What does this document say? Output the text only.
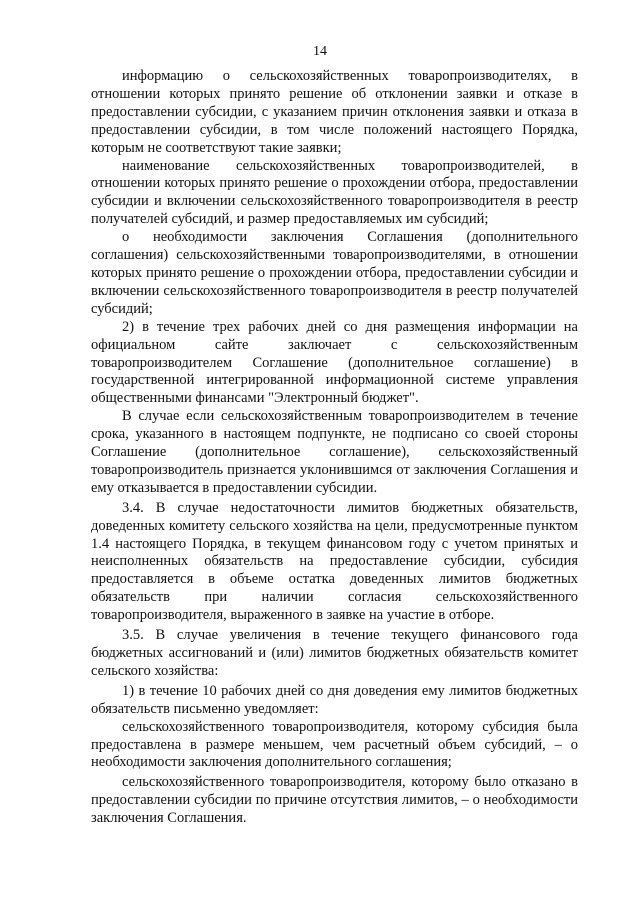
14

информацию о сельскохозяйственных товаропроизводителях, в отношении которых принято решение об отклонении заявки и отказе в предоставлении субсидии, с указанием причин отклонения заявки и отказа в предоставлении субсидии, в том числе положений настоящего Порядка, которым не соответствуют такие заявки;

наименование сельскохозяйственных товаропроизводителей, в отношении которых принято решение о прохождении отбора, предоставлении субсидии и включении сельскохозяйственного товаропроизводителя в реестр получателей субсидий, и размер предоставляемых им субсидий;

о необходимости заключения Соглашения (дополнительного соглашения) сельскохозяйственными товаропроизводителями, в отношении которых принято решение о прохождении отбора, предоставлении субсидии и включении сельскохозяйственного товаропроизводителя в реестр получателей субсидий;

2) в течение трех рабочих дней со дня размещения информации на официальном сайте заключает с сельскохозяйственным товаропроизводителем Соглашение (дополнительное соглашение) в государственной интегрированной информационной системе управления общественными финансами "Электронный бюджет".

В случае если сельскохозяйственным товаропроизводителем в течение срока, указанного в настоящем подпункте, не подписано со своей стороны Соглашение (дополнительное соглашение), сельскохозяйственный товаропроизводитель признается уклонившимся от заключения Соглашения и ему отказывается в предоставлении субсидии.

3.4. В случае недостаточности лимитов бюджетных обязательств, доведенных комитету сельского хозяйства на цели, предусмотренные пунктом 1.4 настоящего Порядка, в текущем финансовом году с учетом принятых и неисполненных обязательств на предоставление субсидии, субсидия предоставляется в объеме остатка доведенных лимитов бюджетных обязательств при наличии согласия сельскохозяйственного товаропроизводителя, выраженного в заявке на участие в отборе.

3.5. В случае увеличения в течение текущего финансового года бюджетных ассигнований и (или) лимитов бюджетных обязательств комитет сельского хозяйства:

1) в течение 10 рабочих дней со дня доведения ему лимитов бюджетных обязательств письменно уведомляет:

сельскохозяйственного товаропроизводителя, которому субсидия была предоставлена в размере меньшем, чем расчетный объем субсидий, – о необходимости заключения дополнительного соглашения;

сельскохозяйственного товаропроизводителя, которому было отказано в предоставлении субсидии по причине отсутствия лимитов, – о необходимости заключения Соглашения.
